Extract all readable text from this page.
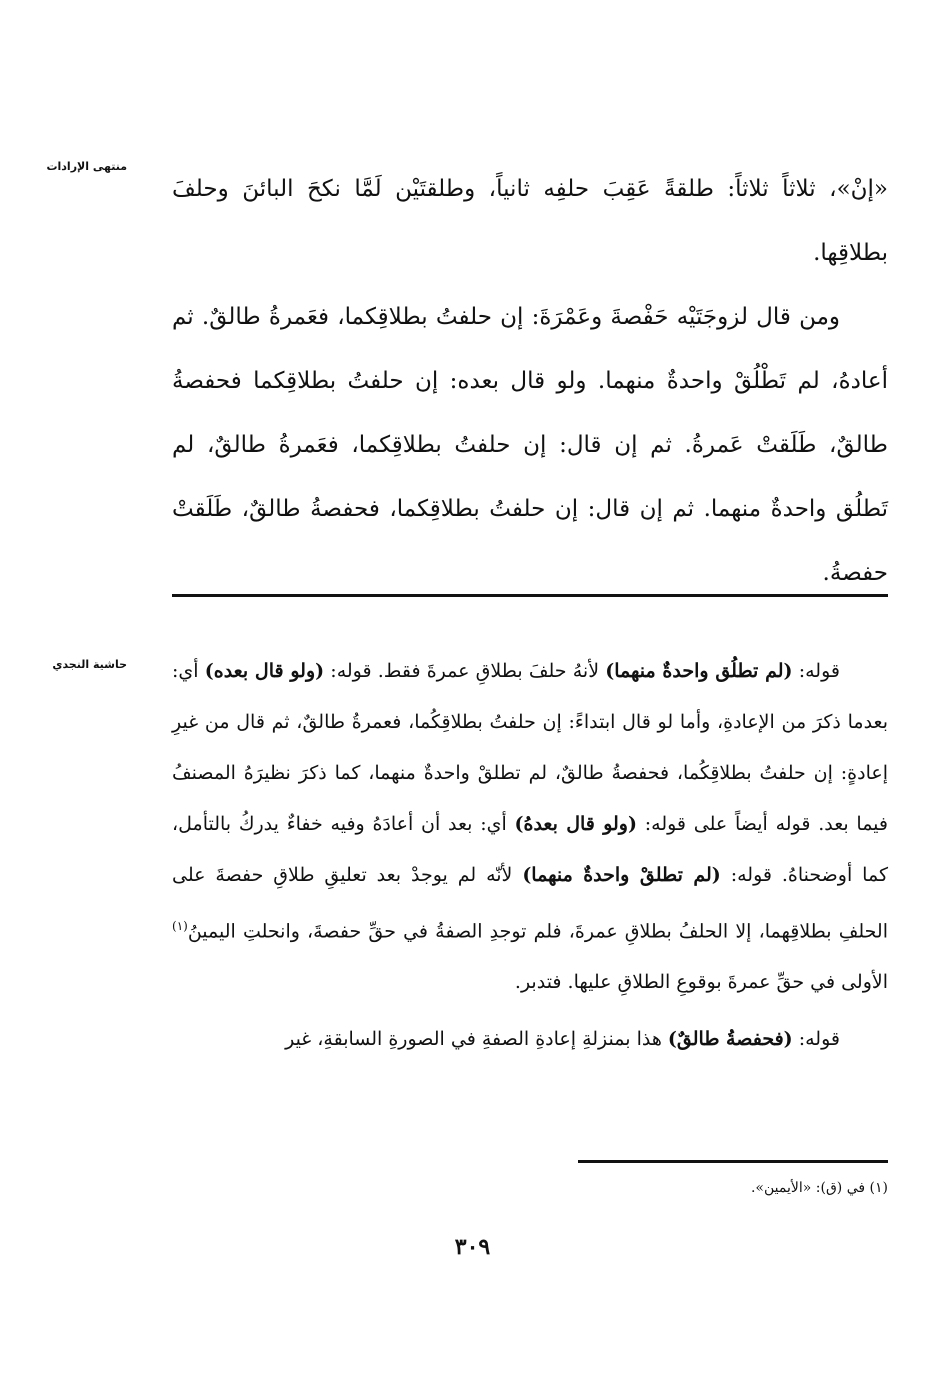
منتهى الإرادات
حاشية النجدي

«إنْ»، ثلاثاً ثلاثاً: طلقةً عَقِبَ حلفِه ثانياً، وطلقتَيْن لَمَّا نكحَ البائنَ وحلفَ بطلاقِها.

ومن قال لزوجَتَيْه حَفْصةَ وعَمْرَةَ: إن حلفتُ بطلاقِكما، فعَمرةُ طالقٌ. ثم أعادهُ، لم تَطْلُقْ واحدةٌ منهما. ولو قال بعده: إن حلفتُ بطلاقِكما فحفصةُ طالقٌ، طَلَقتْ عَمرةُ. ثم إن قال: إن حلفتُ بطلاقِكما، فعَمرةُ طالقٌ، لم تَطلُق واحدةٌ منهما. ثم إن قال: إن حلفتُ بطلاقِكما، فحفصةُ طالقٌ، طَلَقتْ حفصةُ.

قوله: (لم تطلُق واحدةٌ منهما) لأنهُ حلفَ بطلاقِ عمرةَ فقط. قوله: (ولو قال بعده) أي: بعدما ذكرَ من الإعادةِ، وأما لو قال ابتداءً: إن حلفتُ بطلاقِكُما، فعمرةُ طالقٌ، ثم قال من غيرِ إعادةٍ: إن حلفتُ بطلاقِكُما، فحفصةُ طالقٌ، لم تطلقْ واحدةٌ منهما، كما ذكرَ نظيرَهُ المصنفُ فيما بعد. قوله أيضاً على قوله: (ولو قال بعدهُ) أي: بعد أن أعادَهُ وفيه خفاءٌ يدركُ بالتأمل، كما أوضحناهُ. قوله: (لم تطلقْ واحدةٌ منهما) لأنّه لم يوجدْ بعد تعليقِ طلاقِ حفصةَ على الحلفِ بطلاقِهما، إلا الحلفُ بطلاقِ عمرةَ، فلم توجدِ الصفةُ في حقِّ حفصةَ، وانحلتِ اليمينُ$^{(١)}$ الأولى في حقِّ عمرةَ بوقوعِ الطلاقِ عليها. فتدبر.

قوله: (فحفصةُ طالقٌ) هذا بمنزلةِ إعادةِ الصفةِ في الصورةِ السابقةِ، غير

(١) في (ق): «الأيمين».
٣٠٩
